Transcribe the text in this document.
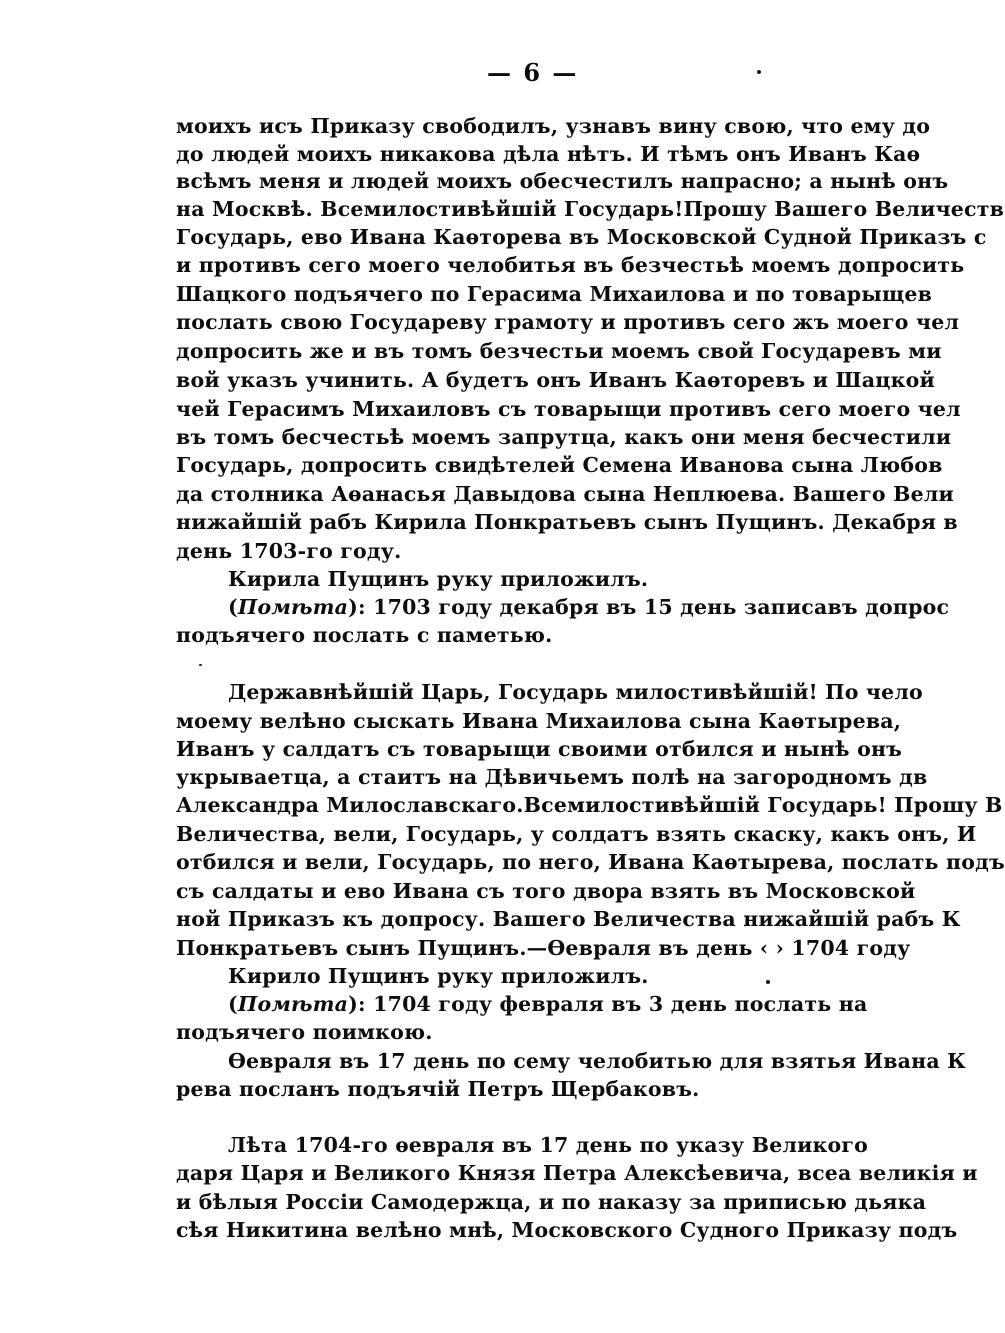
— 6 —
моихъ исъ Приказу свободилъ, узнавъ вину свою, что ему до
до людей моихъ никакова дѣла нѣтъ. И тѣмъ онъ Иванъ Каѳ
всѣмъ меня и людей моихъ обесчестилъ напрасно; а нынѣ онъ
на Москвѣ. Всемилостивѣйшій Государь!Прошу Вашего Величеств
Государь, ево Ивана Каѳторева въ Московской Судной Приказъ с
и противъ сего моего челобитья въ безчестьѣ моемъ допросить
Шацкого подъячего по Герасима Михаилова и по товарыщев
послать свою Государеву грамоту и противъ сего жъ моего чел
допросить же и въ томъ безчестьи моемъ свой Государевъ ми
вой указъ учинить. А будетъ онъ Иванъ Каѳторевъ и Шацкой
чей Герасимъ Михаиловъ съ товарыщи противъ сего моего чел
въ томъ бесчестьѣ моемъ запрутца, какъ они меня бесчестили
Государь, допросить свидѣтелей Семена Иванова сына Любов
да столника Аѳанасья Давыдова сына Неплюева. Вашего Вели
нижайшій рабъ Кирила Понкратьевъ сынъ Пущинъ. Декабря в
день 1703-го году.
Кирила Пущинъ руку приложилъ.
(Помѣта): 1703 году декабря въ 15 день записавъ допрос
подъячего послать с паметью.
Державнѣйшій Царь, Государь милостивѣйшій! По чело
моему велѣно сыскать Ивана Михаилова сына Каѳтырева,
Иванъ у салдатъ съ товарыщи своими отбился и нынѣ онъ
укрываетца, а стаитъ на Дѣвичьемъ полѣ на загородномъ дв
Александра Милославскаго.Всемилостивѣйшій Государь! Прошу В
Величества, вели, Государь, у солдатъ взять скаску, какъ онъ, И
отбился и вели, Государь, по него, Ивана Каѳтырева, послать подъ
съ салдаты и ево Ивана съ того двора взять въ Московской
ной Приказъ къ допросу. Вашего Величества нижайшій рабъ К
Понкратьевъ сынъ Пущинъ.—Ѳевраля въ день ‹ › 1704 году
Кирило Пущинъ руку приложилъ.
(Помѣта): 1704 году февраля въ 3 день послать на
подъячего поимкою.
Ѳевраля въ 17 день по сему челобитью для взятья Ивана К
рева посланъ подъячій Петръ Щербаковъ.
Лѣта 1704-го ѳевраля въ 17 день по указу Великого
даря Царя и Великого Князя Петра Алексѣевича, всеа великія и
и бѣлыя Россіи Самодержца, и по наказу за приписью дьяка
сѣя Никитина велѣно мнѣ, Московского Судного Приказу подъ
